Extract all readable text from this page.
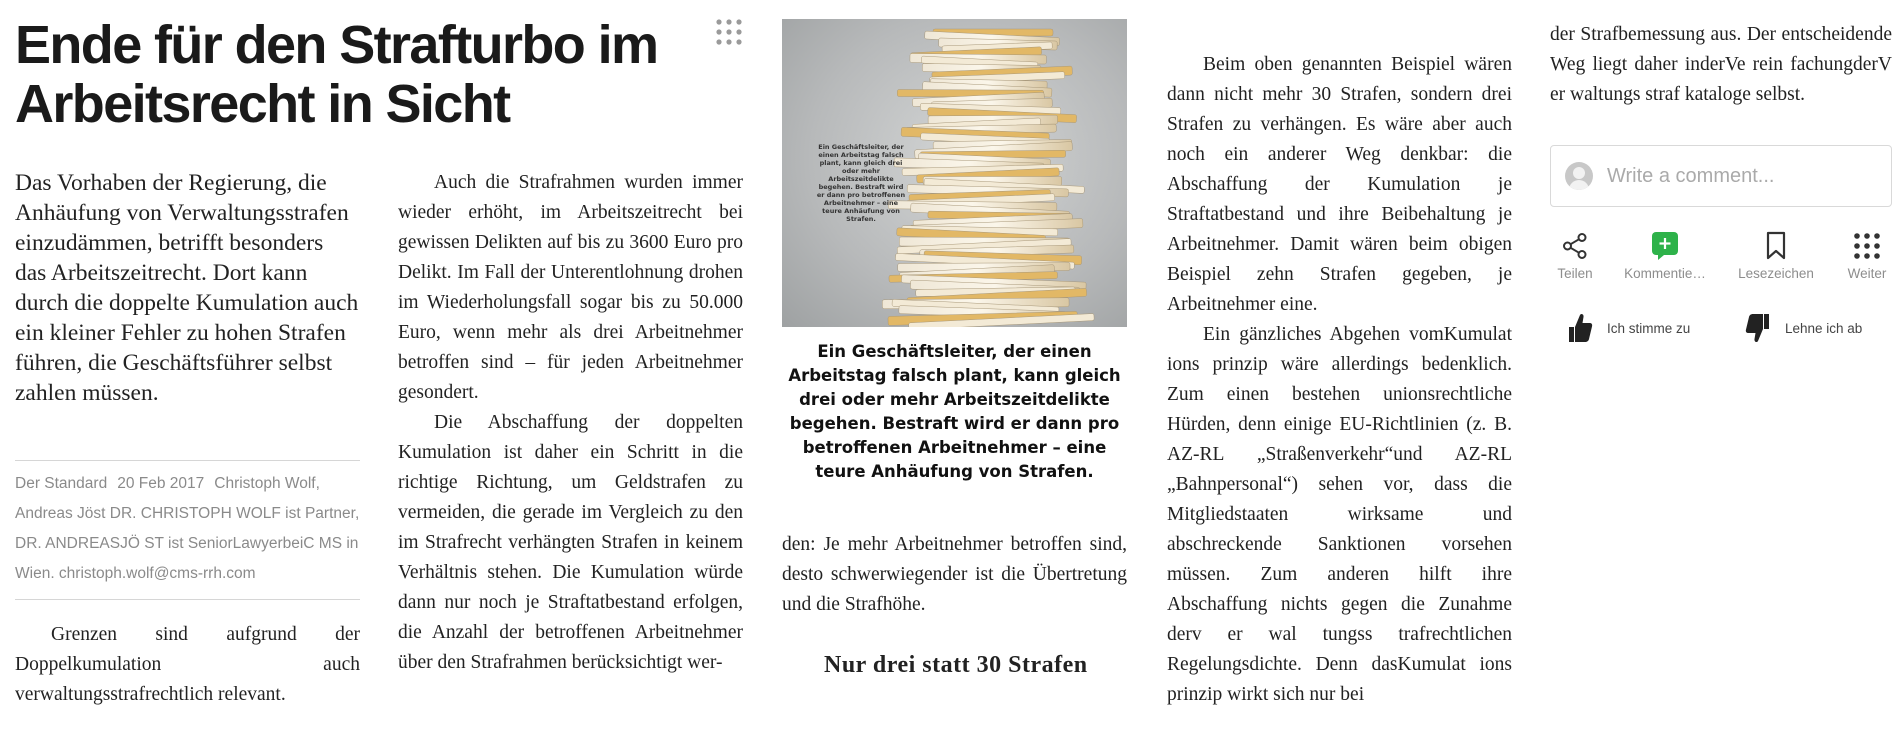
Ende für den Strafturbo im Arbeitsrecht in Sicht

Das Vorhaben der Regierung, die Anhäufung von Verwaltungsstrafen einzudämmen, betrifft besonders das Arbeitszeitrecht. Dort kann durch die doppelte Kumulation auch ein kleiner Fehler zu hohen Strafen führen, die Geschäftsführer selbst zahlen müssen.

Der Standard 20 Feb 2017 Christoph Wolf, Andreas Jöst DR. CHRISTOPH WOLF ist Partner, DR. ANDREASJÖ ST ist SeniorLawyerbeiC MS in Wien. christoph.wolf@cms-rrh.com

Grenzen sind aufgrund der Doppelkumulation auch verwaltungsstrafrechtlich relevant.

Auch die Strafrahmen wurden immer wieder erhöht, im Arbeitszeitrecht bei gewissen Delikten auf bis zu 3600 Euro pro Delikt. Im Fall der Unterentlohnung drohen im Wiederholungsfall sogar bis zu 50.000 Euro, wenn mehr als drei Arbeitnehmer betroffen sind – für jeden Arbeitnehmer gesondert.

Die Abschaffung der doppelten Kumulation ist daher ein Schritt in die richtige Richtung, um Geldstrafen zu vermeiden, die gerade im Vergleich zu den im Strafrecht verhängten Strafen in keinem Verhältnis stehen. Die Kumulation würde dann nur noch je Straftatbestand erfolgen, die Anzahl der betroffenen Arbeitnehmer über den Strafrahmen berücksichtigt wer-

Ein Geschäftsleiter, der einen Arbeitstag falsch plant, kann gleich drei oder mehr Arbeitszeitdelikte begehen. Bestraft wird er dann pro betroffenen Arbeitnehmer – eine teure Anhäufung von Strafen.

Ein Geschäftsleiter, der einen Arbeitstag falsch plant, kann gleich drei oder mehr Arbeitszeitdelikte begehen. Bestraft wird er dann pro betroffenen Arbeitnehmer – eine teure Anhäufung von Strafen.

den: Je mehr Arbeitnehmer betroffen sind, desto schwerwiegender ist die Übertretung und die Strafhöhe.

Nur drei statt 30 Strafen

Beim oben genannten Beispiel wären dann nicht mehr 30 Strafen, sondern drei Strafen zu verhängen. Es wäre aber auch noch ein anderer Weg denkbar: die Abschaffung der Kumulation je Straftatbestand und ihre Beibehaltung je Arbeitnehmer. Damit wären beim obigen Beispiel zehn Strafen gegeben, je Arbeitnehmer eine.

Ein gänzliches Abgehen vomKumulat ions prinzip wäre allerdings bedenklich. Zum einen bestehen unionsrechtliche Hürden, denn einige EU-Richtlinien (z. B. AZ-RL „Straßenverkehr“und AZ-RL „Bahnpersonal“) sehen vor, dass die Mitgliedstaaten wirksame und abschreckende Sanktionen vorsehen müssen. Zum anderen hilft ihre Abschaffung nichts gegen die Zunahme derv er wal tungss trafrechtlichen Regelungsdichte. Denn dasKumulat ions prinzip wirkt sich nur bei

der Strafbemessung aus. Der entscheidende Weg liegt daher inderVe rein fachungderV er waltungs straf kataloge selbst.

Write a comment...
Teilen	Kommentie…	Lesezeichen	Weiter
Ich stimme zu	Lehne ich ab
